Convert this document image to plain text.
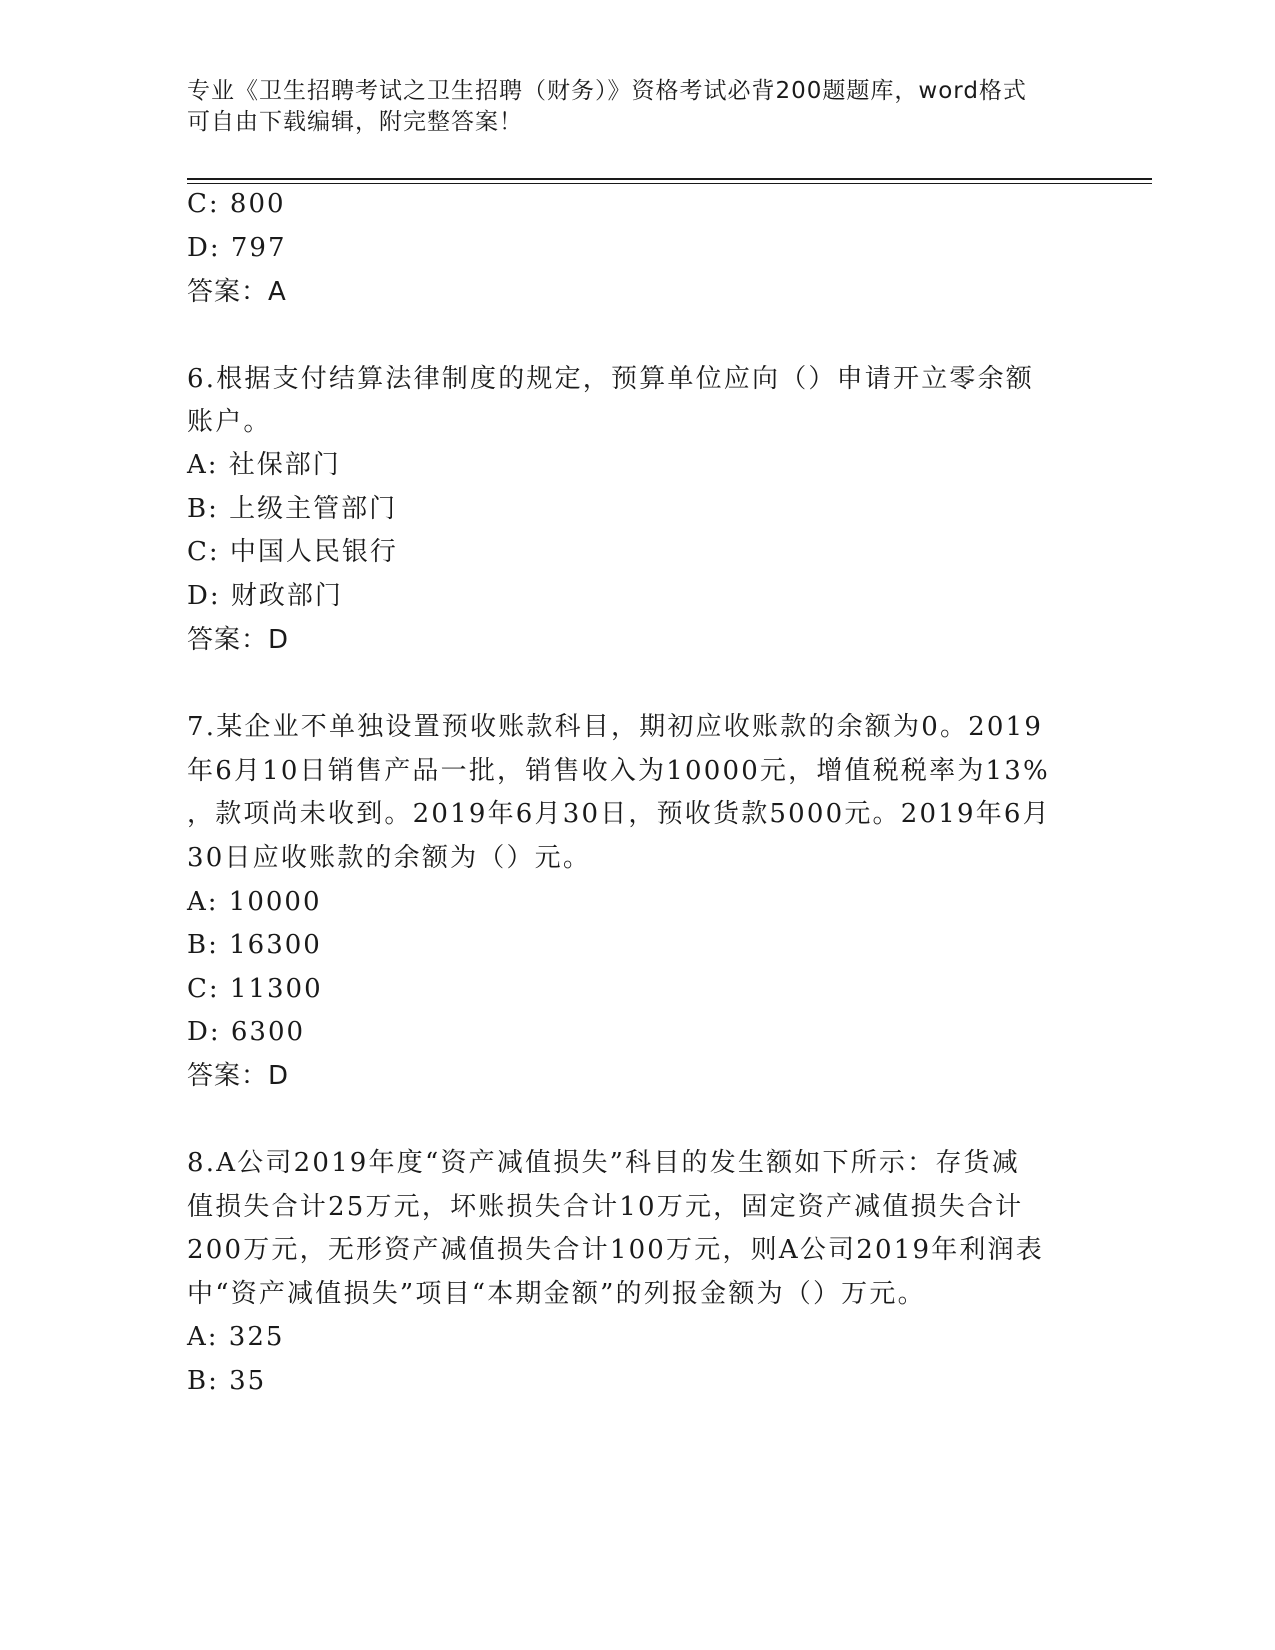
专业《卫生招聘考试之卫生招聘（财务）》资格考试必背200题题库，word格式
可自由下载编辑，附完整答案！
C: 800
D: 797
答案：A
6.根据支付结算法律制度的规定，预算单位应向（）申请开立零余额
账户。
A: 社保部门
B: 上级主管部门
C: 中国人民银行
D: 财政部门
答案：D
7.某企业不单独设置预收账款科目，期初应收账款的余额为0。2019
年6月10日销售产品一批，销售收入为10000元，增值税税率为13%
，款项尚未收到。2019年6月30日，预收货款5000元。2019年6月
30日应收账款的余额为（）元。
A: 10000
B: 16300
C: 11300
D: 6300
答案：D
8.A公司2019年度“资产减值损失”科目的发生额如下所示：存货减
值损失合计25万元，坏账损失合计10万元，固定资产减值损失合计
200万元，无形资产减值损失合计100万元，则A公司2019年利润表
中“资产减值损失”项目“本期金额”的列报金额为（）万元。
A: 325
B: 35
